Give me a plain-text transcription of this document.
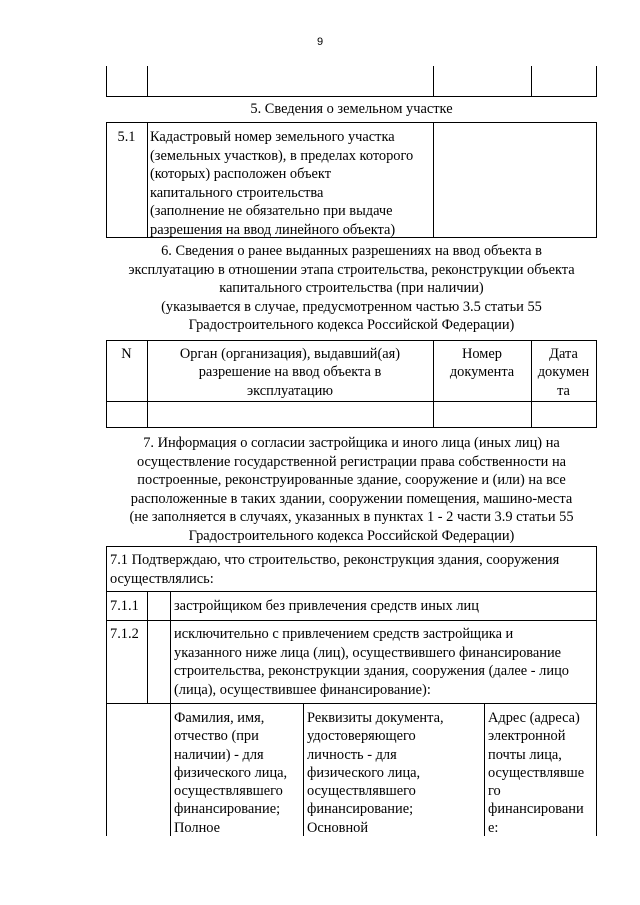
9
5. Сведения о земельном участке
5.1	Кадастровый номер земельного участка
(земельных участков), в пределах которого
(которых) расположен объект
капитального строительства
(заполнение не обязательно при выдаче
разрешения на ввод линейного объекта)
6. Сведения о ранее выданных разрешениях на ввод объекта в
эксплуатацию в отношении этапа строительства, реконструкции объекта
капитального строительства (при наличии)
(указывается в случае, предусмотренном частью 3.5 статьи 55
Градостроительного кодекса Российской Федерации)
N	Орган (организация), выдавший(ая)
разрешение на ввод объекта в
эксплуатацию
Номер
документа
Дата
докумен
та
7. Информация о согласии застройщика и иного лица (иных лиц) на
осуществление государственной регистрации права собственности на
построенные, реконструированные здание, сооружение и (или) на все
расположенные в таких здании, сооружении помещения, машино-места
(не заполняется в случаях, указанных в пунктах 1 - 2 части 3.9 статьи 55
Градостроительного кодекса Российской Федерации)
7.1 Подтверждаю, что строительство, реконструкция здания, сооружения
осуществлялись:
7.1.1 застройщиком без привлечения средств иных лиц
7.1.2 исключительно с привлечением средств застройщика и
указанного ниже лица (лиц), осуществившего финансирование
строительства, реконструкции здания, сооружения (далее - лицо
(лица), осуществившее финансирование):
Фамилия, имя,
отчество (при
наличии) - для
физического лица,
осуществлявшего
финансирование;
Полное
Реквизиты документа,
удостоверяющего
личность - для
физического лица,
осуществлявшего
финансирование;
Основной
Адрес (адреса)
электронной
почты лица,
осуществлявше
го
финансировани
е:
